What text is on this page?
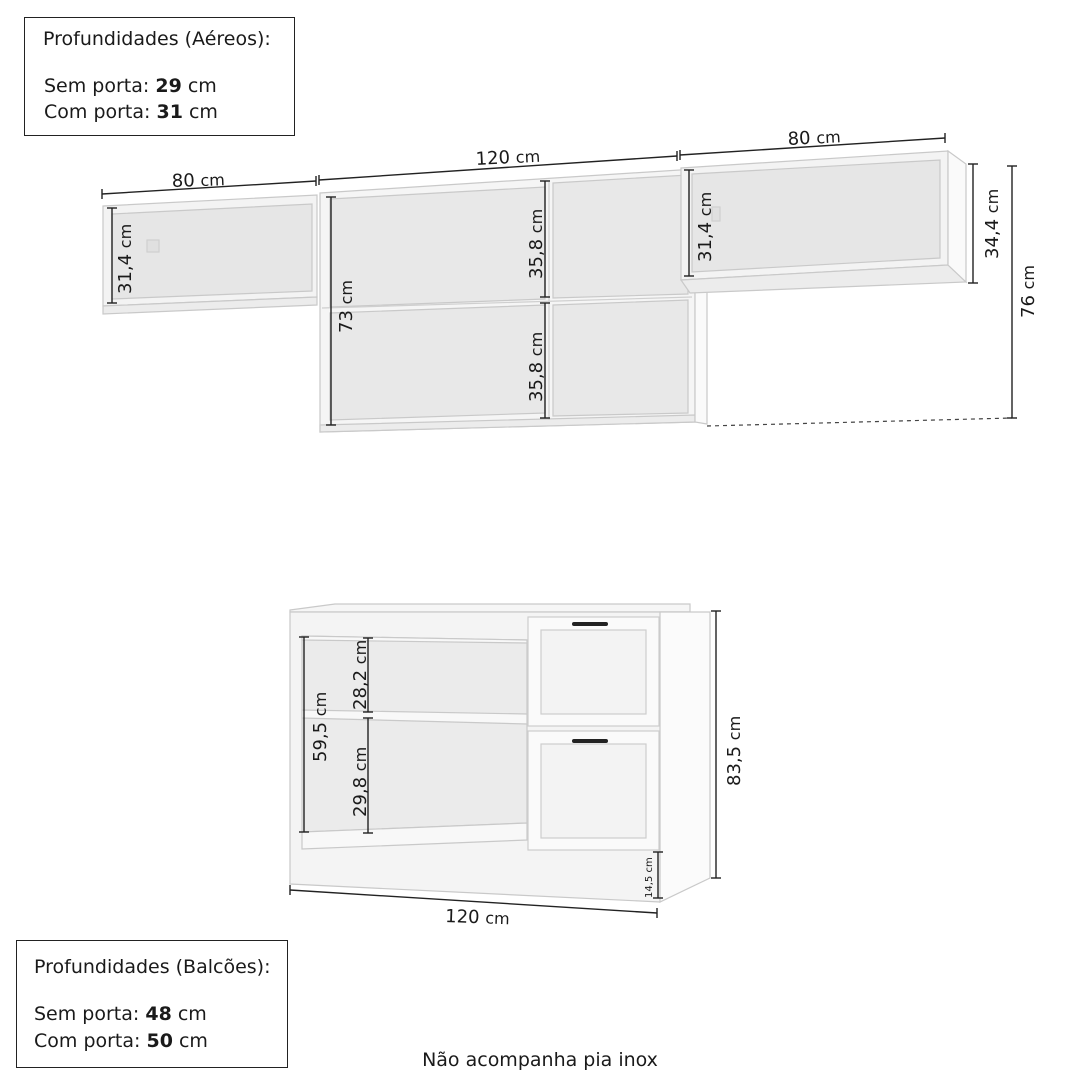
Profundidades (Aéreos):

Sem porta: 29 cm

Com porta: 31 cm

Profundidades (Balcões):

Sem porta: 48 cm

Com porta: 50 cm

80 cm
120 cm
80 cm
31,4 cm
73 cm
35,8 cm
35,8 cm
31,4 cm
34,4 cm
76 cm
59,5 cm 28,2 cm
29,8 cm
14,5 cm
83,5 cm
120 cm
Não acompanha pia inox
